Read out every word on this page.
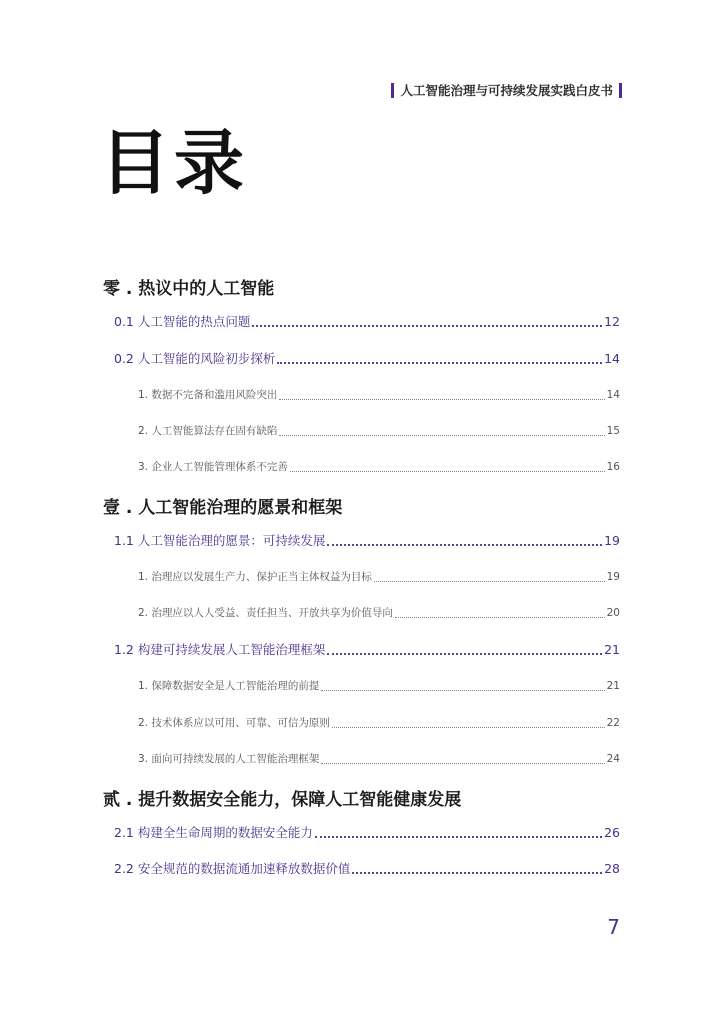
人工智能治理与可持续发展实践白皮书
目录
零 . 热议中的人工智能
0.1 人工智能的热点问题	12
0.2 人工智能的风险初步探析	14
1. 数据不完备和滥用风险突出	14
2. 人工智能算法存在固有缺陷	15
3. 企业人工智能管理体系不完善	16
壹 . 人工智能治理的愿景和框架
1.1 人工智能治理的愿景：可持续发展	19
1. 治理应以发展生产力、保护正当主体权益为目标	19
2. 治理应以人人受益、责任担当、开放共享为价值导向	20
1.2 构建可持续发展人工智能治理框架	21
1. 保障数据安全是人工智能治理的前提	21
2. 技术体系应以可用、可靠、可信为原则	22
3. 面向可持续发展的人工智能治理框架	24
贰 . 提升数据安全能力，保障人工智能健康发展
2.1 构建全生命周期的数据安全能力	26
2.2 安全规范的数据流通加速释放数据价值	28
7
